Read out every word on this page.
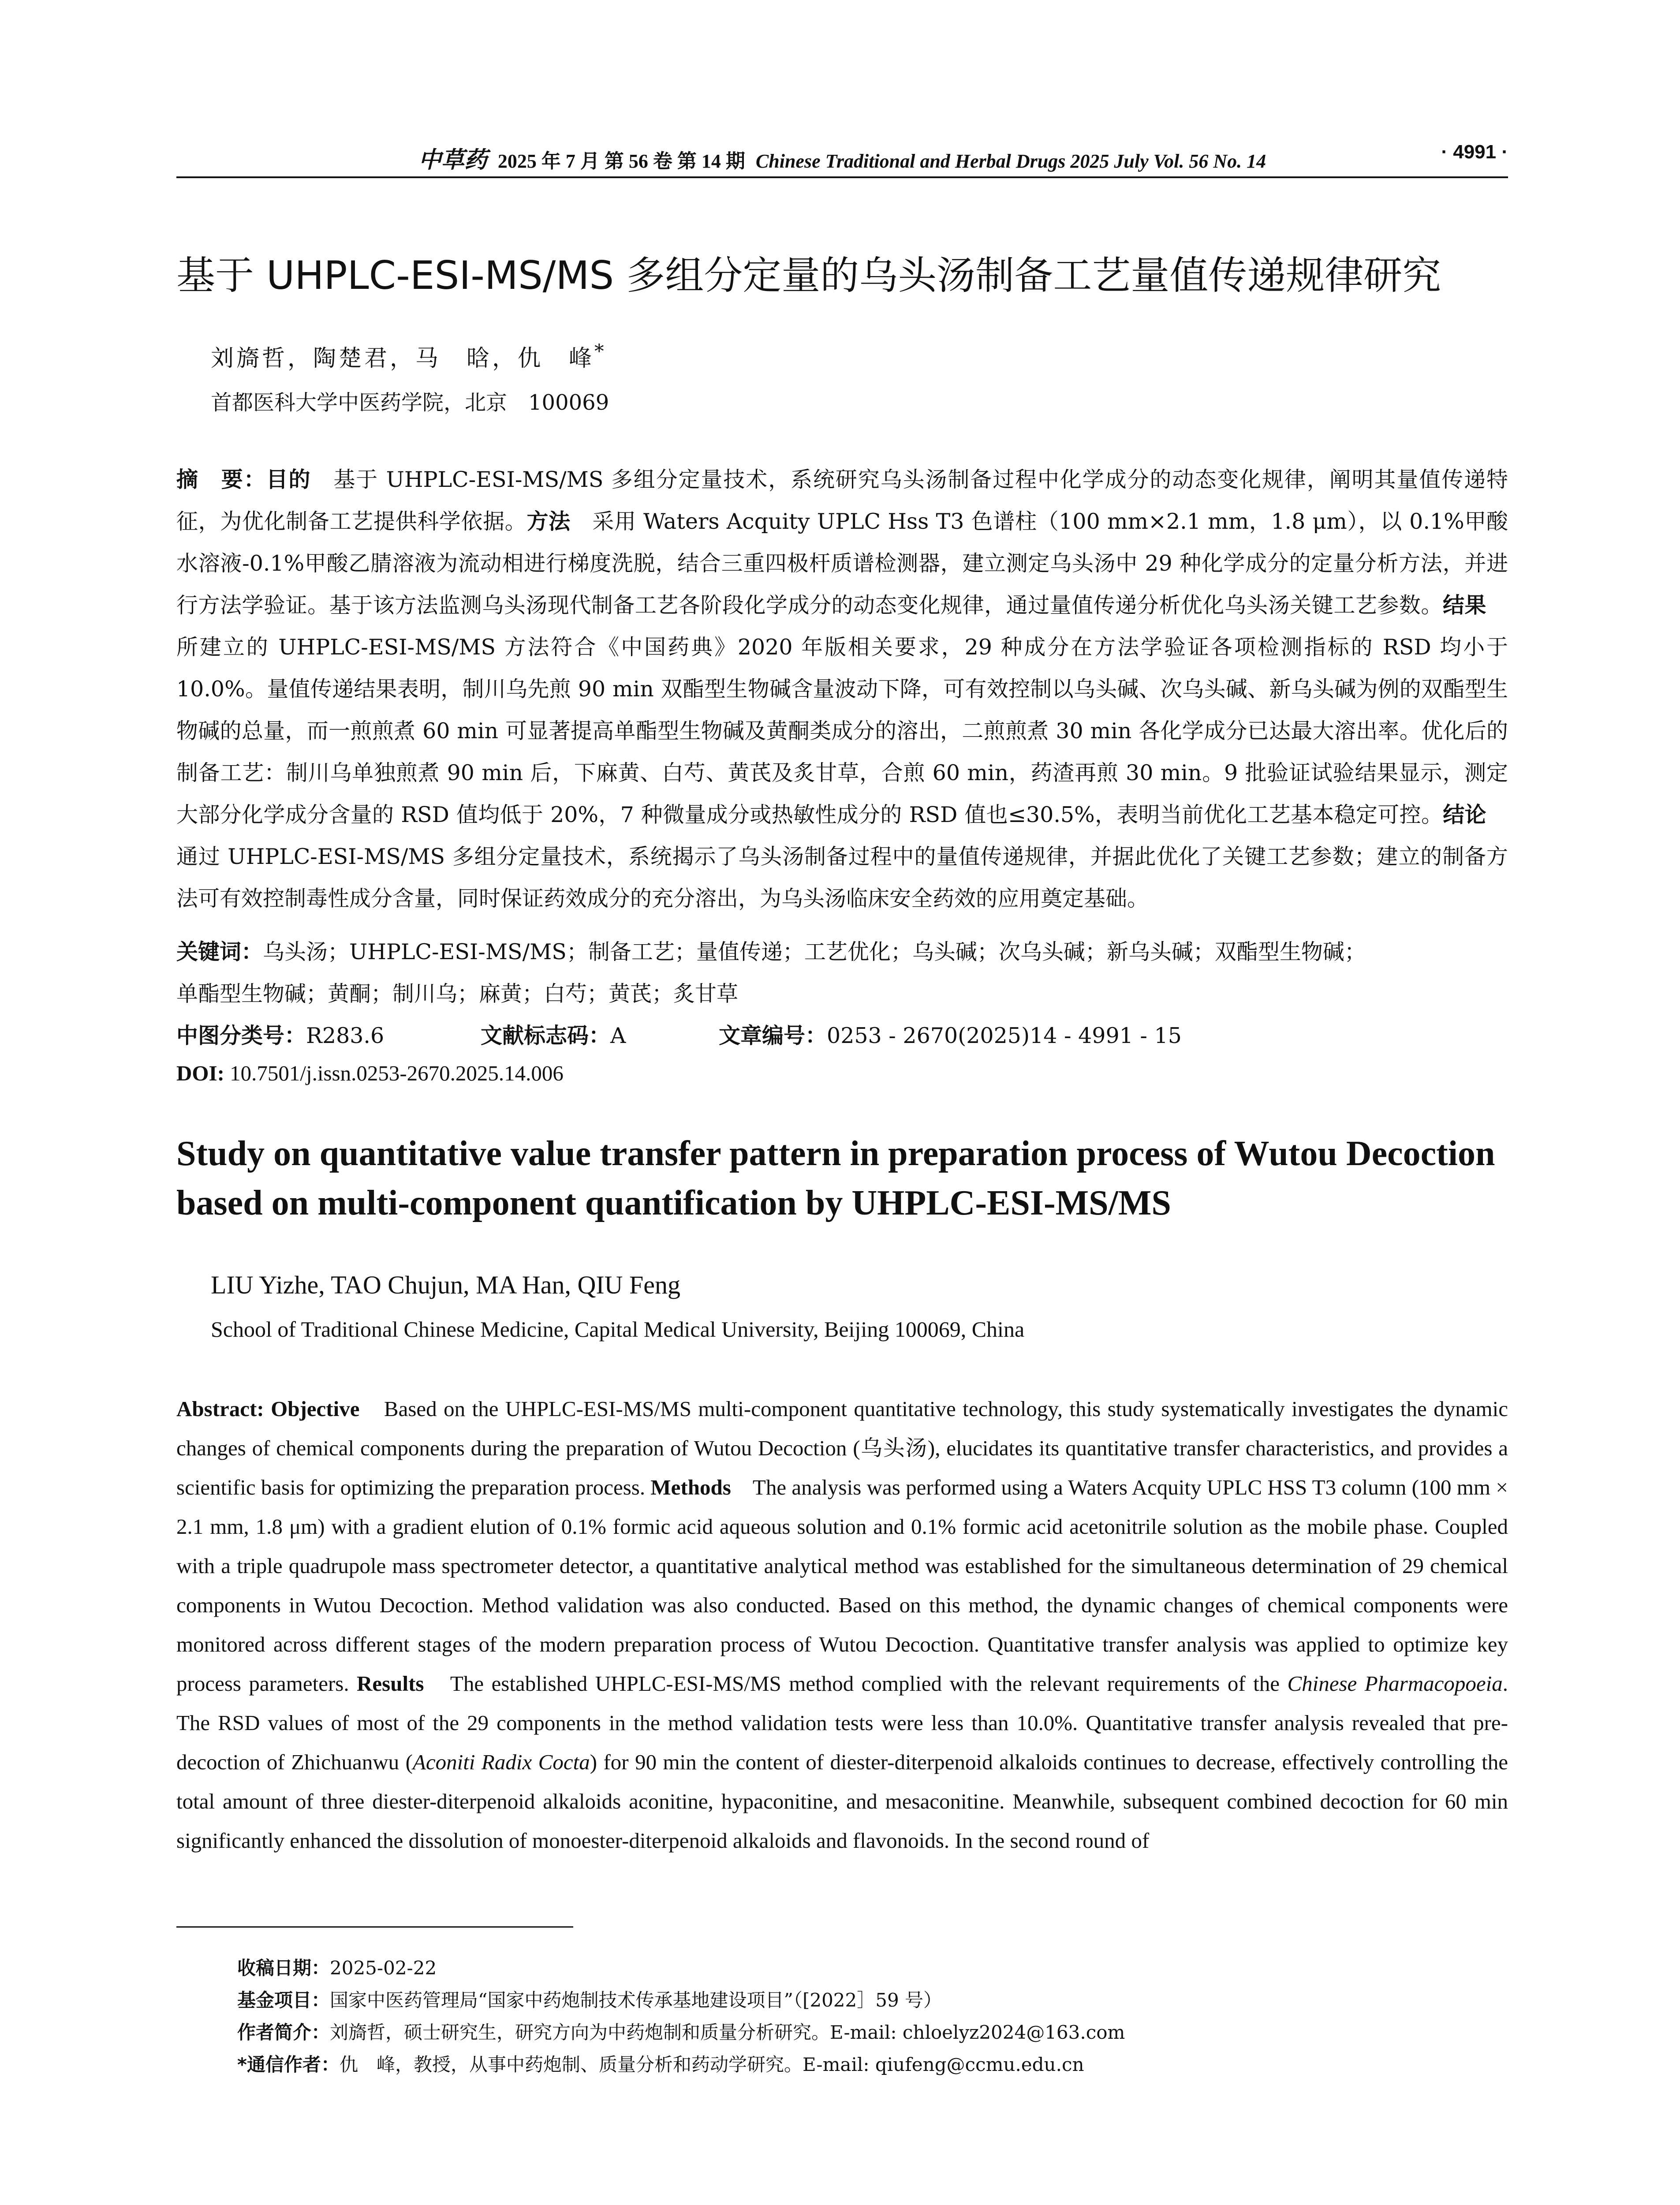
中草药 2025 年 7 月 第 56 卷 第 14 期 Chinese Traditional and Herbal Drugs 2025 July Vol. 56 No. 14	· 4991 ·
基于 UHPLC-ESI-MS/MS 多组分定量的乌头汤制备工艺量值传递规律研究
刘旖哲，陶楚君，马　晗，仇　峰*
首都医科大学中医药学院，北京　100069
摘　要：目的　基于 UHPLC-ESI-MS/MS 多组分定量技术，系统研究乌头汤制备过程中化学成分的动态变化规律，阐明其量值传递特征，为优化制备工艺提供科学依据。方法　采用 Waters Acquity UPLC Hss T3 色谱柱（100 mm×2.1 mm，1.8 μm），以 0.1%甲酸水溶液-0.1%甲酸乙腈溶液为流动相进行梯度洗脱，结合三重四极杆质谱检测器，建立测定乌头汤中 29 种化学成分的定量分析方法，并进行方法学验证。基于该方法监测乌头汤现代制备工艺各阶段化学成分的动态变化规律，通过量值传递分析优化乌头汤关键工艺参数。结果　所建立的 UHPLC-ESI-MS/MS 方法符合《中国药典》2020 年版相关要求，29 种成分在方法学验证各项检测指标的 RSD 均小于 10.0%。量值传递结果表明，制川乌先煎 90 min 双酯型生物碱含量波动下降，可有效控制以乌头碱、次乌头碱、新乌头碱为例的双酯型生物碱的总量，而一煎煎煮 60 min 可显著提高单酯型生物碱及黄酮类成分的溶出，二煎煎煮 30 min 各化学成分已达最大溶出率。优化后的制备工艺：制川乌单独煎煮 90 min 后，下麻黄、白芍、黄芪及炙甘草，合煎 60 min，药渣再煎 30 min。9 批验证试验结果显示，测定大部分化学成分含量的 RSD 值均低于 20%，7 种微量成分或热敏性成分的 RSD 值也≤30.5%，表明当前优化工艺基本稳定可控。结论　通过 UHPLC-ESI-MS/MS 多组分定量技术，系统揭示了乌头汤制备过程中的量值传递规律，并据此优化了关键工艺参数；建立的制备方法可有效控制毒性成分含量，同时保证药效成分的充分溶出，为乌头汤临床安全药效的应用奠定基础。
关键词：乌头汤；UHPLC-ESI-MS/MS；制备工艺；量值传递；工艺优化；乌头碱；次乌头碱；新乌头碱；双酯型生物碱；
单酯型生物碱；黄酮；制川乌；麻黄；白芍；黄芪；炙甘草
中图分类号：R283.6	文献标志码：A	文章编号：0253 - 2670(2025)14 - 4991 - 15
DOI: 10.7501/j.issn.0253-2670.2025.14.006
Study on quantitative value transfer pattern in preparation process of Wutou Decoction based on multi-component quantification by UHPLC-ESI-MS/MS
LIU Yizhe, TAO Chujun, MA Han, QIU Feng
School of Traditional Chinese Medicine, Capital Medical University, Beijing 100069, China
Abstract: Objective　Based on the UHPLC-ESI-MS/MS multi-component quantitative technology, this study systematically investigates the dynamic changes of chemical components during the preparation of Wutou Decoction (乌头汤), elucidates its quantitative transfer characteristics, and provides a scientific basis for optimizing the preparation process. Methods　The analysis was performed using a Waters Acquity UPLC HSS T3 column (100 mm × 2.1 mm, 1.8 μm) with a gradient elution of 0.1% formic acid aqueous solution and 0.1% formic acid acetonitrile solution as the mobile phase. Coupled with a triple quadrupole mass spectrometer detector, a quantitative analytical method was established for the simultaneous determination of 29 chemical components in Wutou Decoction. Method validation was also conducted. Based on this method, the dynamic changes of chemical components were monitored across different stages of the modern preparation process of Wutou Decoction. Quantitative transfer analysis was applied to optimize key process parameters. Results　The established UHPLC-ESI-MS/MS method complied with the relevant requirements of the Chinese Pharmacopoeia. The RSD values of most of the 29 components in the method validation tests were less than 10.0%. Quantitative transfer analysis revealed that pre-decoction of Zhichuanwu (Aconiti Radix Cocta) for 90 min the content of diester-diterpenoid alkaloids continues to decrease, effectively controlling the total amount of three diester-diterpenoid alkaloids aconitine, hypaconitine, and mesaconitine. Meanwhile, subsequent combined decoction for 60 min significantly enhanced the dissolution of monoester-diterpenoid alkaloids and flavonoids. In the second round of
收稿日期：2025-02-22
基金项目：国家中医药管理局“国家中药炮制技术传承基地建设项目”（[2022］59 号）
作者简介：刘旖哲，硕士研究生，研究方向为中药炮制和质量分析研究。E-mail: chloelyz2024@163.com
*通信作者：仇　峰，教授，从事中药炮制、质量分析和药动学研究。E-mail: qiufeng@ccmu.edu.cn
